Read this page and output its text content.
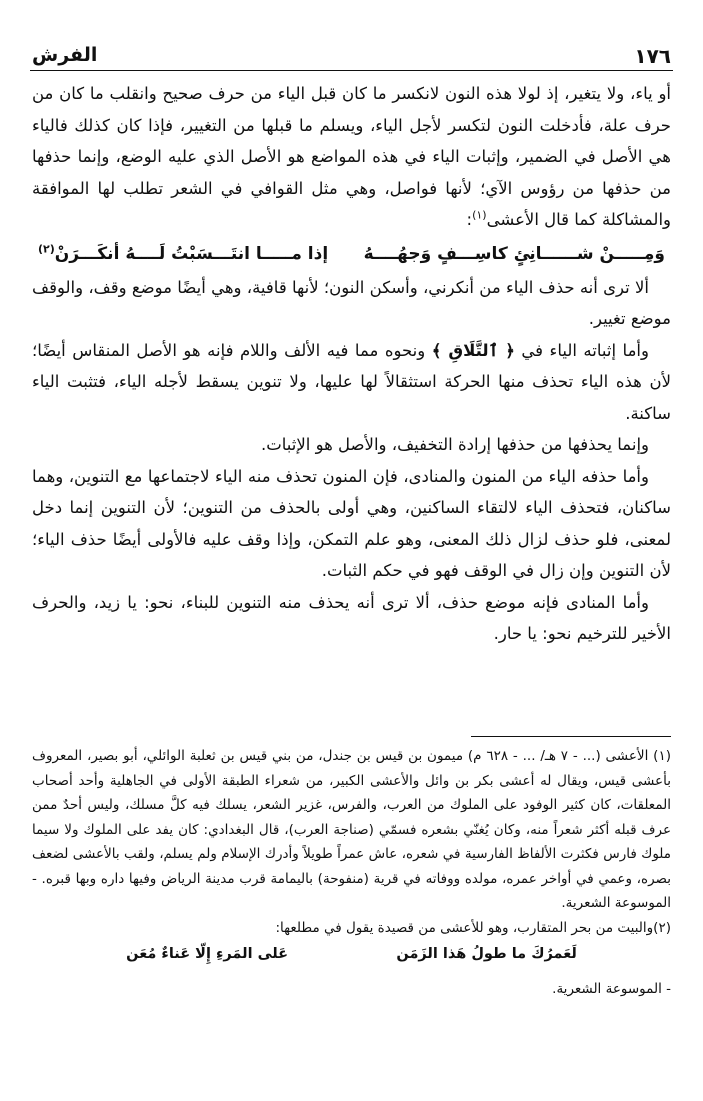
١٧٦
الفرش

أو ياء، ولا يتغير، إذ لولا هذه النون لانكسر ما كان قبل الياء من حرف صحيح وانقلب ما كان من حرف علة، فأدخلت النون لتكسر لأجل الياء، ويسلم ما قبلها من التغيير، فإذا كان كذلك فالياء هي الأصل في الضمير، وإثبات الياء في هذه المواضع هو الأصل الذي عليه الوضع، وإنما حذفها من حذفها من رؤوس الآي؛ لأنها فواصل، وهي مثل القوافي في الشعر تطلب لها الموافقة والمشاكلة كما قال الأعشى$^{(١)}$:

وَمِـــــنْ شــــــانِئٍ كاسِـــفٍ وَجهُــــهُ
إذا مـــــا انتَـــسَبْتُ لَــــهُ أنكَـــرَنْ$^{(٢)}$

ألا ترى أنه حذف الياء من أنكرني، وأسكن النون؛ لأنها قافية، وهي أيضًا موضع وقف، والوقف موضع تغيير.

وأما إثباته الياء في ﴿ ٱلتَّلَاقِ ﴾ ونحوه مما فيه الألف واللام فإنه هو الأصل المنقاس أيضًا؛ لأن هذه الياء تحذف منها الحركة استثقالاً لها عليها، ولا تنوين يسقط لأجله الياء، فتثبت الياء ساكنة.

وإنما يحذفها من حذفها إرادة التخفيف، والأصل هو الإثبات.

وأما حذفه الياء من المنون والمنادى، فإن المنون تحذف منه الياء لاجتماعها مع التنوين، وهما ساكنان، فتحذف الياء لالتقاء الساكنين، وهي أولى بالحذف من التنوين؛ لأن التنوين إنما دخل لمعنى، فلو حذف لزال ذلك المعنى، وهو علم التمكن، وإذا وقف عليه فالأولى أيضًا حذف الياء؛ لأن التنوين وإن زال في الوقف فهو في حكم الثبات.

وأما المنادى فإنه موضع حذف، ألا ترى أنه يحذف منه التنوين للبناء، نحو: يا زيد، والحرف الأخير للترخيم نحو: يا حار.

(١) الأعشى (... - ٧ هـ/ ... - ٦٢٨ م) ميمون بن قيس بن جندل، من بني قيس بن ثعلبة الوائلي، أبو بصير، المعروف بأعشى قيس، ويقال له أعشى بكر بن وائل والأعشى الكبير، من شعراء الطبقة الأولى في الجاهلية وأحد أصحاب المعلقات، كان كثير الوفود على الملوك من العرب، والفرس، غزير الشعر، يسلك فيه كلَّ مسلك، وليس أحدٌ ممن عرف قبله أكثر شعراً منه، وكان يُغنّي بشعره فسمّي (صناجة العرب)، قال البغدادي: كان يفد على الملوك ولا سيما ملوك فارس فكثرت الألفاظ الفارسية في شعره، عاش عمراً طويلاً وأدرك الإسلام ولم يسلم، ولقب بالأعشى لضعف بصره، وعمي في أواخر عمره، مولده ووفاته في قرية (منفوحة) باليمامة قرب مدينة الرياض وفيها داره وبها قبره. - الموسوعة الشعرية.

(٢)والبيت من بحر المتقارب، وهو للأعشى من قصيدة يقول في مطلعها:

لَعَمرُكَ ما طولُ هَذا الزَمَن
عَلى المَرءِ إِلّا عَناءٌ مُعَن

- الموسوعة الشعرية.
